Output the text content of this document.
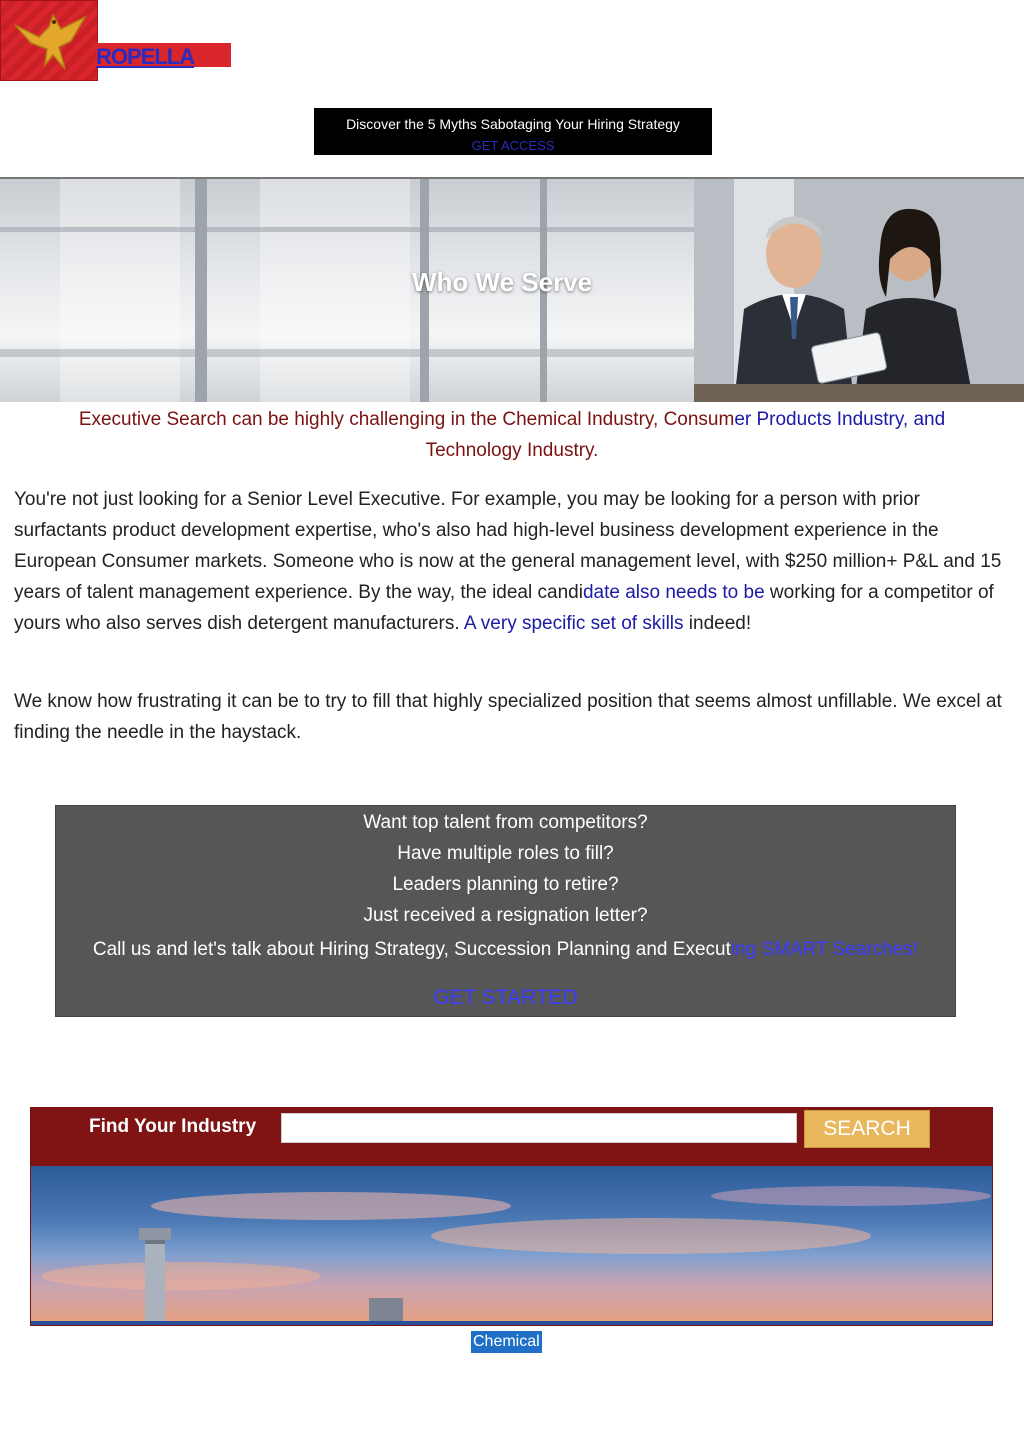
ROPELLA
Discover the 5 Myths Sabotaging Your Hiring Strategy
GET ACCESS
Who We Serve
Executive Search can be highly challenging in the Chemical Industry, Consumer Products Industry, and
Technology Industry.
You're not just looking for a Senior Level Executive. For example, you may be looking for a person with prior surfactants product development expertise, who's also had high-level business development experience in the European Consumer markets. Someone who is now at the general management level, with $250 million+ P&L and 15 years of talent management experience. By the way, the ideal candidate also needs to be working for a competitor of yours who also serves dish detergent manufacturers. A very specific set of skills indeed!
We know how frustrating it can be to try to fill that highly specialized position that seems almost unfillable. We excel at finding the needle in the haystack.
Want top talent from competitors?
Have multiple roles to fill?
Leaders planning to retire?
Just received a resignation letter?
Call us and let's talk about Hiring Strategy, Succession Planning and Executing SMART Searches!
GET STARTED
Find Your Industry	SEARCH
Chemical
